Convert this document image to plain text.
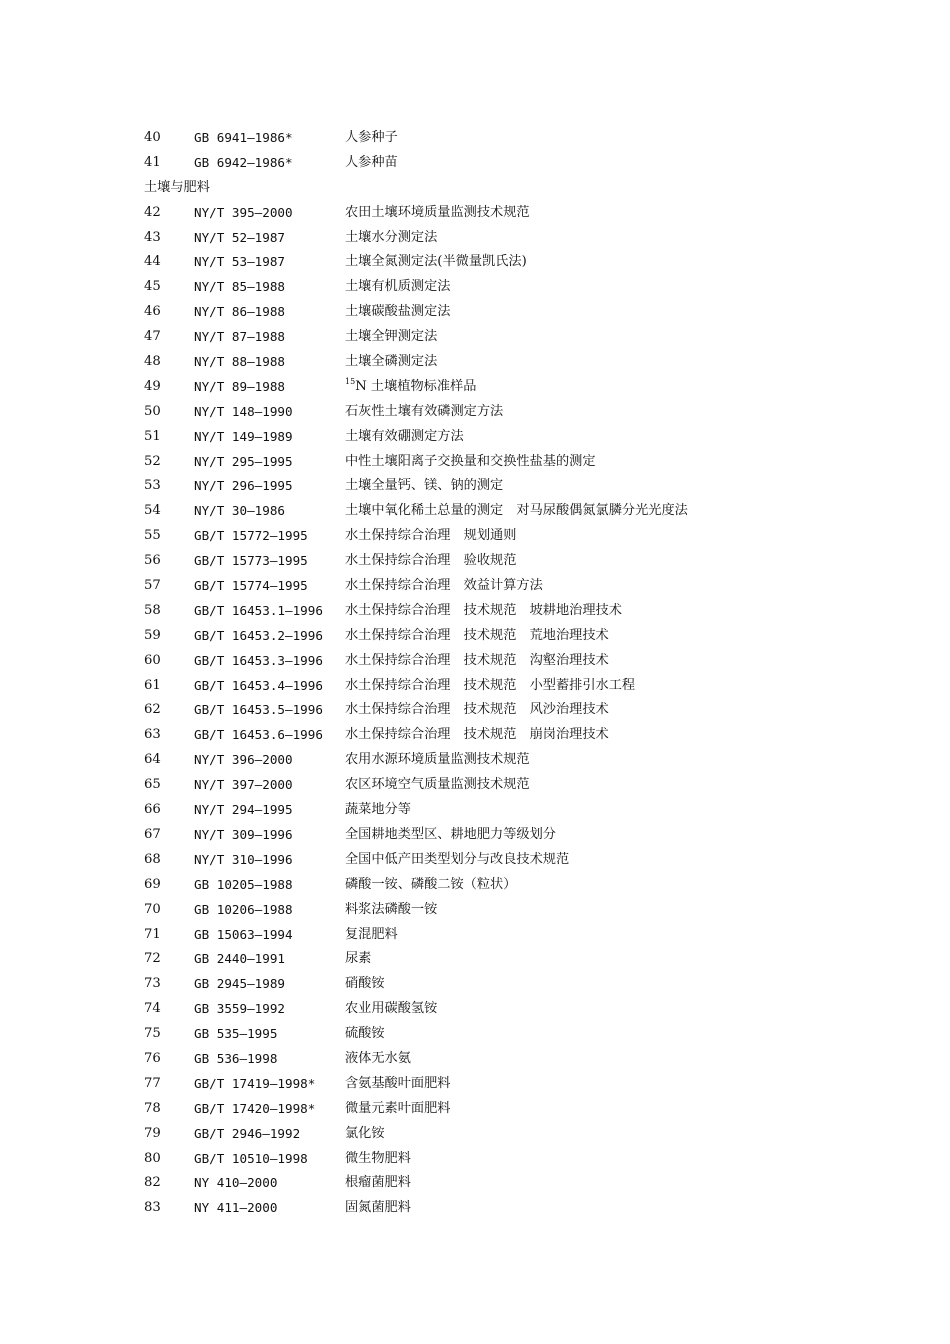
40	GB 6941—1986*	人参种子
41	GB 6942—1986*	人参种苗
土壤与肥料
42	NY/T 395—2000	农田土壤环境质量监测技术规范
43	NY/T 52—1987	土壤水分测定法
44	NY/T 53—1987	土壤全氮测定法(半微量凯氏法)
45	NY/T 85—1988	土壤有机质测定法
46	NY/T 86—1988	土壤碳酸盐测定法
47	NY/T 87—1988	土壤全钾测定法
48	NY/T 88—1988	土壤全磷测定法
49	NY/T 89—1988	$^{15}$N 土壤植物标准样品
50	NY/T 148—1990	石灰性土壤有效磷测定方法
51	NY/T 149—1989	土壤有效硼测定方法
52	NY/T 295—1995	中性土壤阳离子交换量和交换性盐基的测定
53	NY/T 296—1995	土壤全量钙、镁、钠的测定
54	NY/T 30—1986	土壤中氧化稀土总量的测定　对马尿酸偶氮氯膦分光光度法
55	GB/T 15772—1995	水土保持综合治理　规划通则
56	GB/T 15773—1995	水土保持综合治理　验收规范
57	GB/T 15774—1995	水土保持综合治理　效益计算方法
58	GB/T 16453.1—1996 水土保持综合治理　技术规范　坡耕地治理技术
59	GB/T 16453.2—1996 水土保持综合治理　技术规范　荒地治理技术
60	GB/T 16453.3—1996 水土保持综合治理　技术规范　沟壑治理技术
61	GB/T 16453.4—1996 水土保持综合治理　技术规范　小型蓄排引水工程
62	GB/T 16453.5—1996 水土保持综合治理　技术规范　风沙治理技术
63	GB/T 16453.6—1996 水土保持综合治理　技术规范　崩岗治理技术
64	NY/T 396—2000	农用水源环境质量监测技术规范
65	NY/T 397—2000	农区环境空气质量监测技术规范
66	NY/T 294—1995	蔬菜地分等
67	NY/T 309—1996	全国耕地类型区、耕地肥力等级划分
68	NY/T 310—1996	全国中低产田类型划分与改良技术规范
69	GB 10205—1988	磷酸一铵、磷酸二铵（粒状）
70	GB 10206—1988	料浆法磷酸一铵
71	GB 15063—1994	复混肥料
72	GB 2440—1991	尿素
73	GB 2945—1989	硝酸铵
74	GB 3559—1992	农业用碳酸氢铵
75	GB 535—1995	硫酸铵
76	GB 536—1998	液体无水氨
77	GB/T 17419—1998* 含氨基酸叶面肥料
78	GB/T 17420—1998* 微量元素叶面肥料
79	GB/T 2946—1992	氯化铵
80	GB/T 10510—1998	微生物肥料
82	NY 410—2000	根瘤菌肥料
83	NY 411—2000	固氮菌肥料
